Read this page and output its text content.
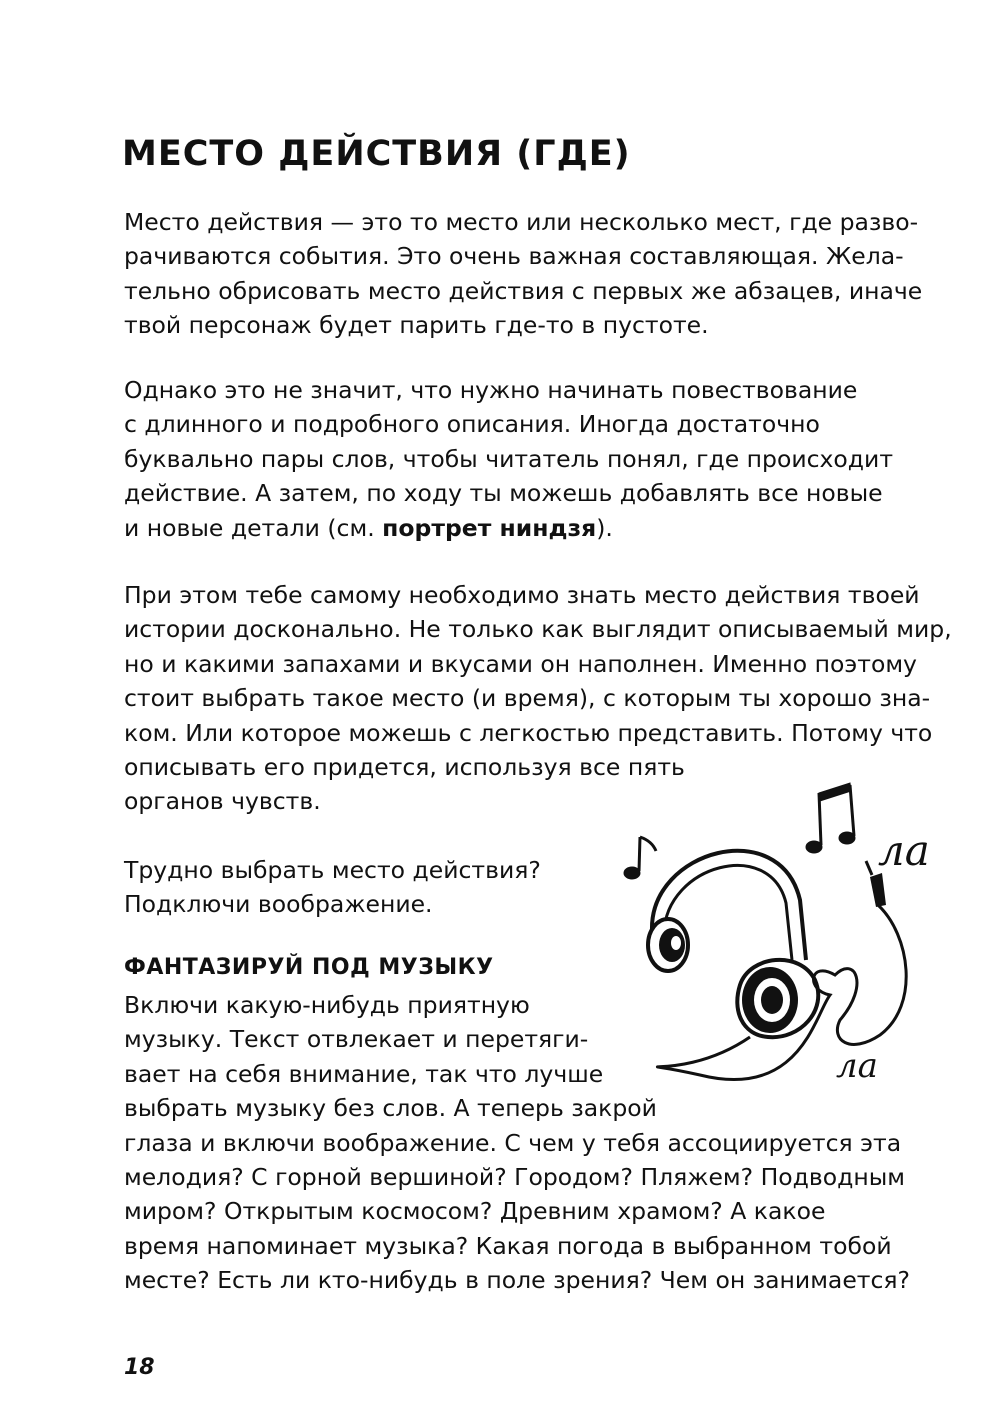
МЕСТО ДЕЙСТВИЯ (ГДЕ)
Место действия — это то место или несколько мест, где разво-
рачиваются события. Это очень важная составляющая. Жела-
тельно обрисовать место действия с первых же абзацев, иначе
твой персонаж будет парить где-то в пустоте.
Однако это не значит, что нужно начинать повествование
с длинного и подробного описания. Иногда достаточно
буквально пары слов, чтобы читатель понял, где происходит
действие. А затем, по ходу ты можешь добавлять все новые
и новые детали (см. портрет ниндзя).
При этом тебе самому необходимо знать место действия твоей
истории досконально. Не только как выглядит описываемый мир,
но и какими запахами и вкусами он наполнен. Именно поэтому
стоит выбрать такое место (и время), с которым ты хорошо зна-
ком. Или которое можешь с легкостью представить. Потому что
описывать его придется, используя все пять
органов чувств.
Трудно выбрать место действия?
Подключи воображение.
ФАНТАЗИРУЙ ПОД МУЗЫКУ
Включи какую-нибудь приятную
музыку. Текст отвлекает и перетяги-
вает на себя внимание, так что лучше
выбрать музыку без слов. А теперь закрой
глаза и включи воображение. С чем у тебя ассоциируется эта
мелодия? С горной вершиной? Городом? Пляжем? Подводным
миром? Открытым космосом? Древним храмом? А какое
время напоминает музыка? Какая погода в выбранном тобой
месте? Есть ли кто-нибудь в поле зрения? Чем он занимается?
ла
ла
18
